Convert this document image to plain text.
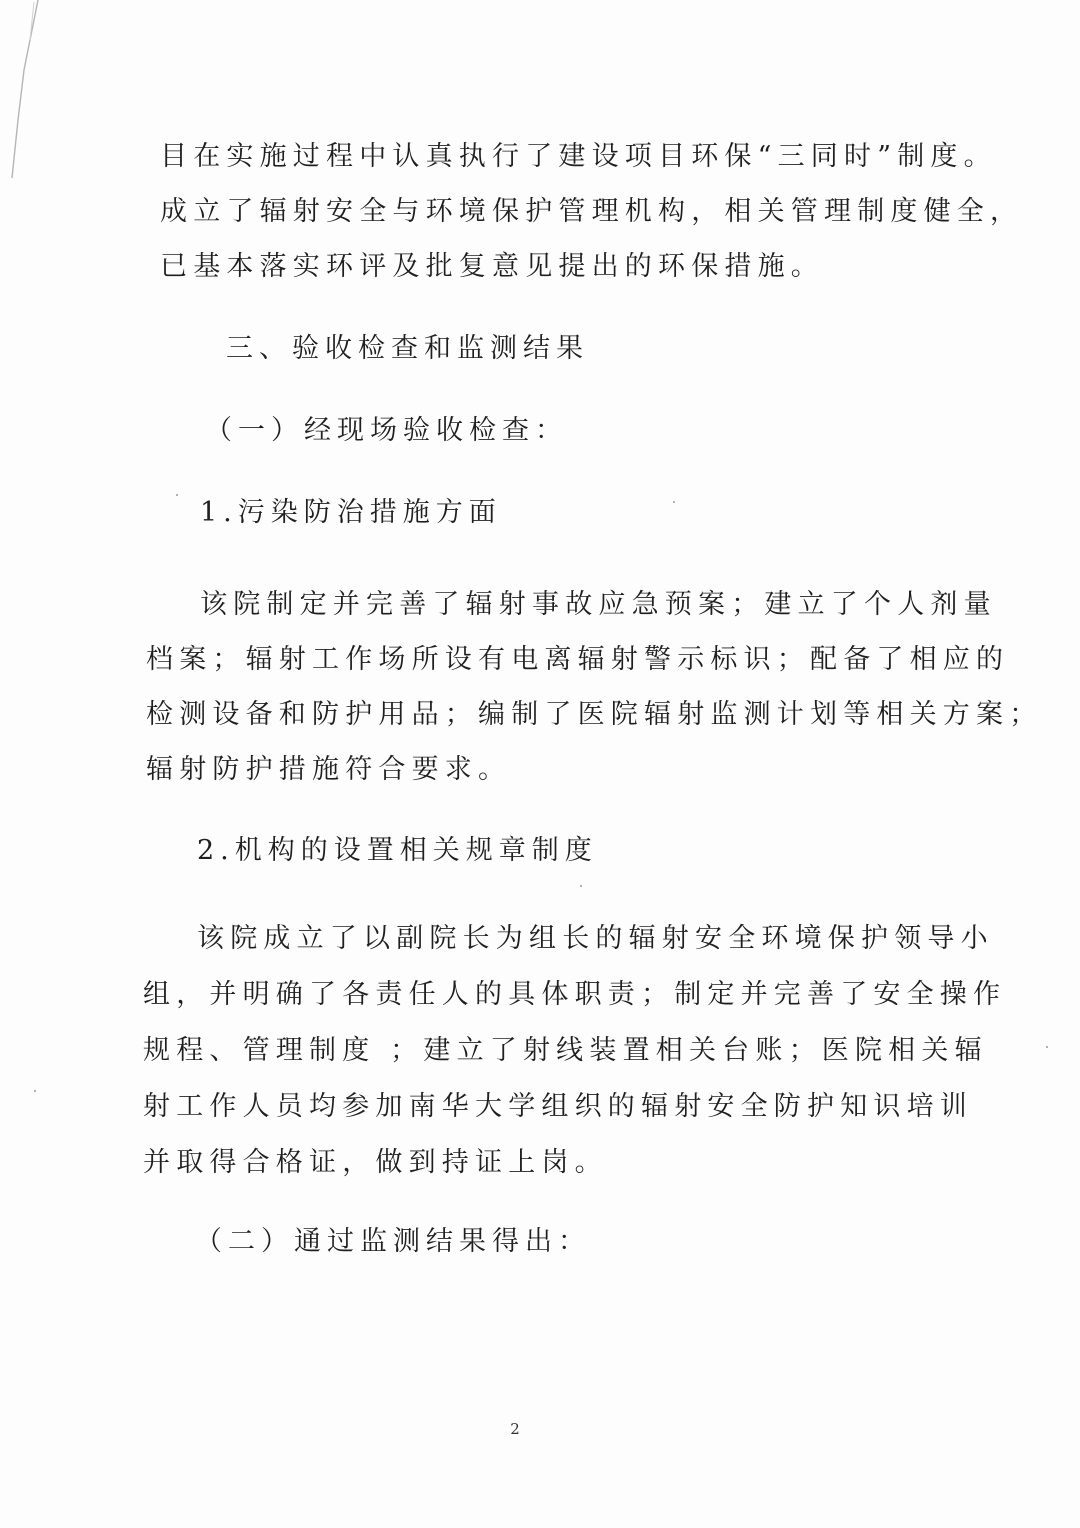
目在实施过程中认真执行了建设项目环保“三同时”制度。
成立了辐射安全与环境保护管理机构，相关管理制度健全，
已基本落实环评及批复意见提出的环保措施。
三、验收检查和监测结果
（一）经现场验收检查：
1.污染防治措施方面
该院制定并完善了辐射事故应急预案；建立了个人剂量
档案；辐射工作场所设有电离辐射警示标识；配备了相应的
检测设备和防护用品；编制了医院辐射监测计划等相关方案；
辐射防护措施符合要求。
2.机构的设置相关规章制度
该院成立了以副院长为组长的辐射安全环境保护领导小
组，并明确了各责任人的具体职责；制定并完善了安全操作
规程、管理制度 ；建立了射线装置相关台账；医院相关辐
射工作人员均参加南华大学组织的辐射安全防护知识培训
并取得合格证，做到持证上岗。
（二）通过监测结果得出：
2
